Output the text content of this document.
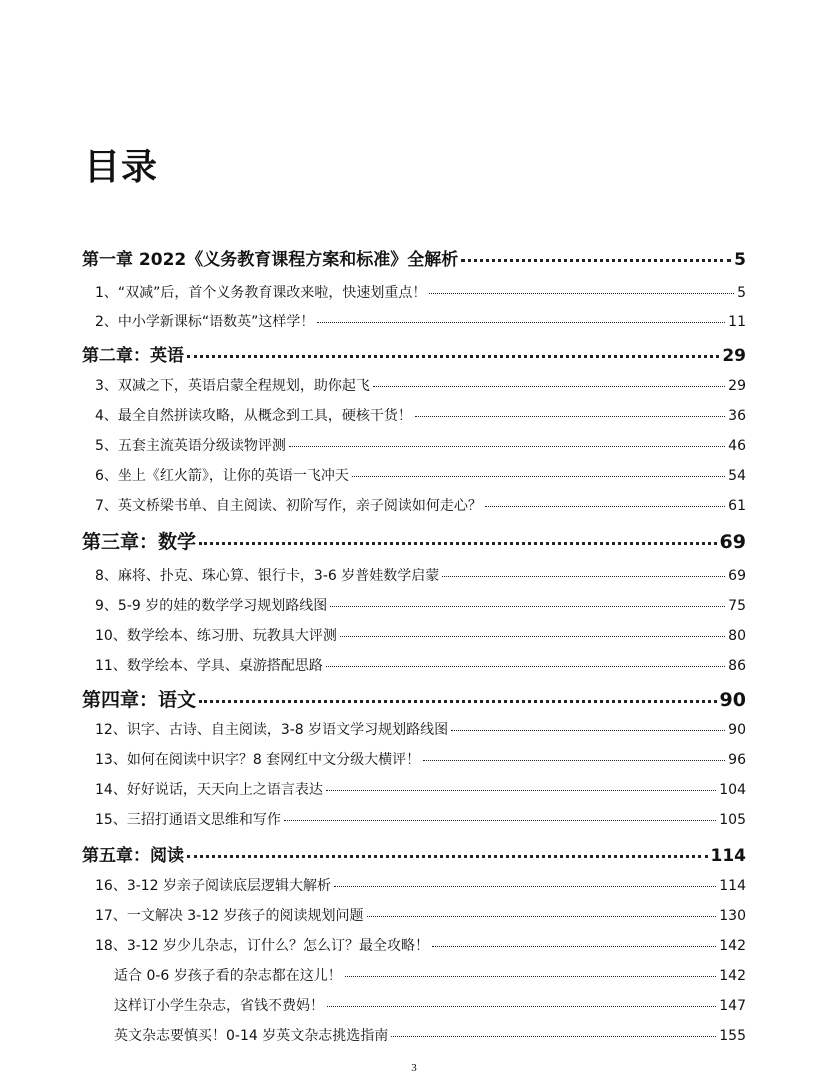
目录
第一章 2022《义务教育课程方案和标准》全解析	5
1、“双减”后，首个义务教育课改来啦，快速划重点！	5
2、中小学新课标“语数英”这样学！	11
第二章：英语	29
3、双减之下，英语启蒙全程规划，助你起飞	29
4、最全自然拼读攻略，从概念到工具，硬核干货！	36
5、五套主流英语分级读物评测	46
6、坐上《红火箭》，让你的英语一飞冲天	54
7、英文桥梁书单、自主阅读、初阶写作，亲子阅读如何走心？	61
第三章：数学	69
8、麻将、扑克、珠心算、银行卡，3-6 岁普娃数学启蒙	69
9、5-9 岁的娃的数学学习规划路线图	75
10、数学绘本、练习册、玩教具大评测	80
11、数学绘本、学具、桌游搭配思路	86
第四章：语文	90
12、识字、古诗、自主阅读，3-8 岁语文学习规划路线图	90
13、如何在阅读中识字？8 套网红中文分级大横评！	96
14、好好说话，天天向上之语言表达	104
15、三招打通语文思维和写作	105
第五章：阅读	114
16、3-12 岁亲子阅读底层逻辑大解析	114
17、一文解决 3-12 岁孩子的阅读规划问题	130
18、3-12 岁少儿杂志，订什么？怎么订？最全攻略！	142
适合 0-6 岁孩子看的杂志都在这儿！	142
这样订小学生杂志，省钱不费妈！	147
英文杂志要慎买！0-14 岁英文杂志挑选指南	155
3
